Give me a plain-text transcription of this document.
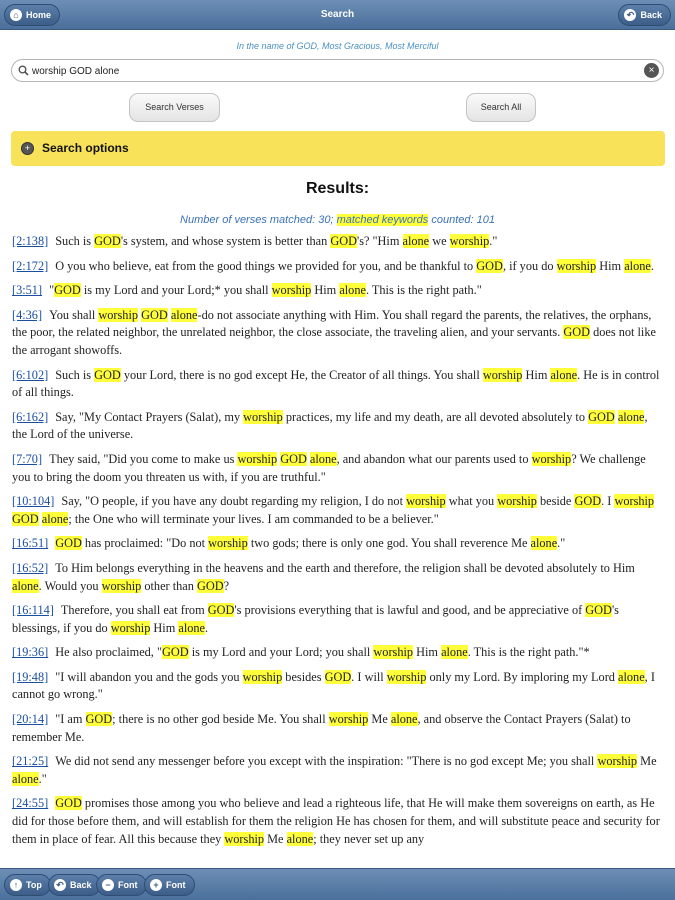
⌂ Home	Search	↶ Back
In the name of GOD, Most Gracious, Most Merciful
worship GOD alone
×
Search Verses	Search All
+ Search options
Results:
Number of verses matched: 30; matched keywords counted: 101
[2:138] Such is GOD's system, and whose system is better than GOD's? "Him alone we worship."
[2:172] O you who believe, eat from the good things we provided for you, and be thankful to GOD, if you do worship Him alone.
[3:51] "GOD is my Lord and your Lord;* you shall worship Him alone. This is the right path."
[4:36] You shall worship GOD alone-do not associate anything with Him. You shall regard the parents, the relatives, the orphans, the poor, the related neighbor, the unrelated neighbor, the close associate, the traveling alien, and your servants. GOD does not like the arrogant showoffs.
[6:102] Such is GOD your Lord, there is no god except He, the Creator of all things. You shall worship Him alone. He is in control of all things.
[6:162] Say, "My Contact Prayers (Salat), my worship practices, my life and my death, are all devoted absolutely to GOD alone, the Lord of the universe.
[7:70] They said, "Did you come to make us worship GOD alone, and abandon what our parents used to worship? We challenge you to bring the doom you threaten us with, if you are truthful."
[10:104] Say, "O people, if you have any doubt regarding my religion, I do not worship what you worship beside GOD. I worship GOD alone; the One who will terminate your lives. I am commanded to be a believer."
[16:51] GOD has proclaimed: "Do not worship two gods; there is only one god. You shall reverence Me alone."
[16:52] To Him belongs everything in the heavens and the earth and therefore, the religion shall be devoted absolutely to Him alone. Would you worship other than GOD?
[16:114] Therefore, you shall eat from GOD's provisions everything that is lawful and good, and be appreciative of GOD's blessings, if you do worship Him alone.
[19:36] He also proclaimed, "GOD is my Lord and your Lord; you shall worship Him alone. This is the right path."*
[19:48] "I will abandon you and the gods you worship besides GOD. I will worship only my Lord. By imploring my Lord alone, I cannot go wrong."
[20:14] "I am GOD; there is no other god beside Me. You shall worship Me alone, and observe the Contact Prayers (Salat) to remember Me.
[21:25] We did not send any messenger before you except with the inspiration: "There is no god except Me; you shall worship Me alone."
[24:55] GOD promises those among you who believe and lead a righteous life, that He will make them sovereigns on earth, as He did for those before them, and will establish for them the religion He has chosen for them, and will substitute peace and security for them in place of fear. All this because they worship Me alone; they never set up any
↑ Top ↶ Back	− Font	+ Font
